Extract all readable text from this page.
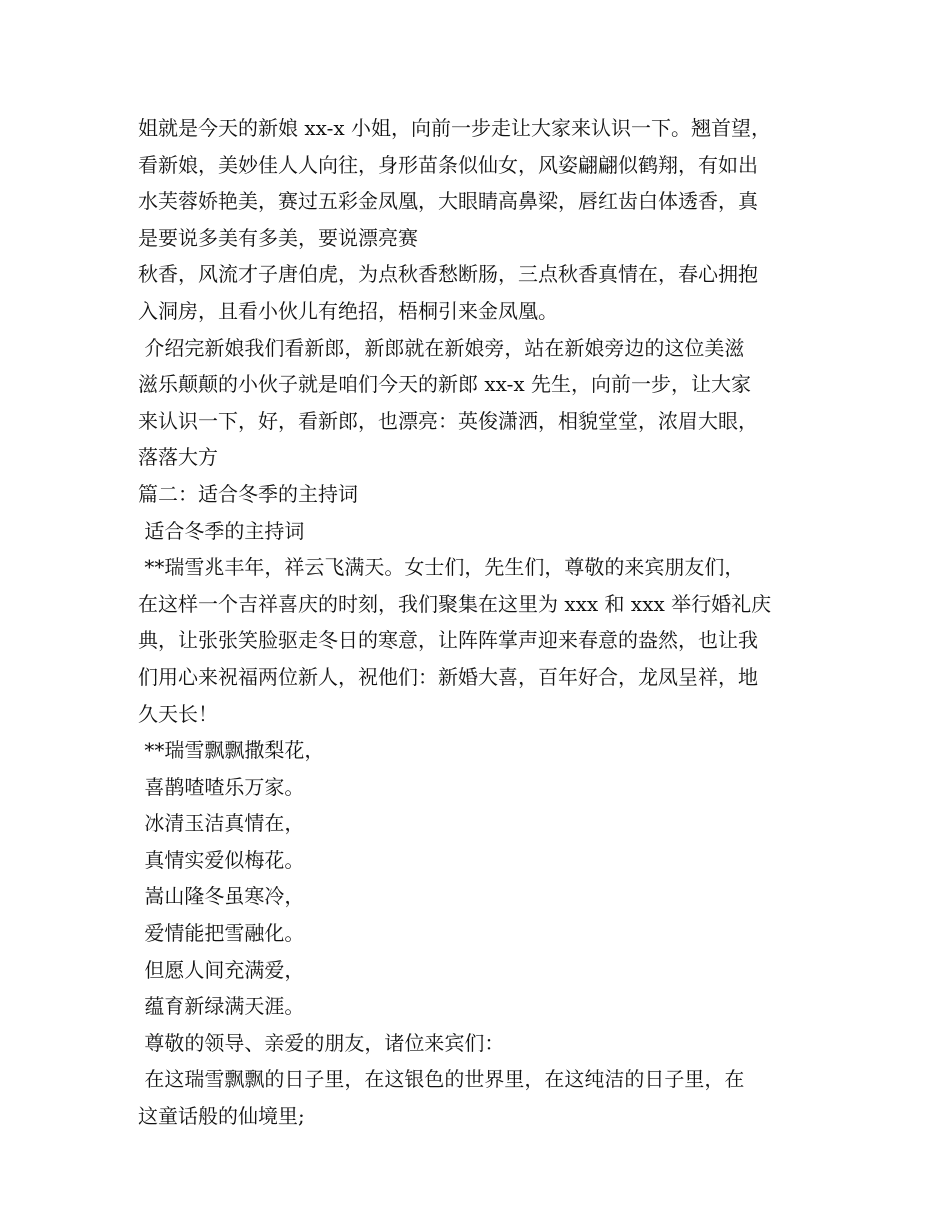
姐就是今天的新娘 xx-x 小姐，向前一步走让大家来认识一下。翘首望，
看新娘，美妙佳人人向往，身形苗条似仙女，风姿翩翩似鹤翔，有如出
水芙蓉娇艳美，赛过五彩金凤凰，大眼睛高鼻梁，唇红齿白体透香，真
是要说多美有多美，要说漂亮赛
秋香，风流才子唐伯虎，为点秋香愁断肠，三点秋香真情在，春心拥抱
入洞房，且看小伙儿有绝招，梧桐引来金凤凰。
介绍完新娘我们看新郎，新郎就在新娘旁，站在新娘旁边的这位美滋
滋乐颠颠的小伙子就是咱们今天的新郎 xx-x 先生，向前一步，让大家
来认识一下，好，看新郎，也漂亮：英俊潇洒，相貌堂堂，浓眉大眼，
落落大方
篇二：适合冬季的主持词
适合冬季的主持词
**瑞雪兆丰年，祥云飞满天。女士们，先生们，尊敬的来宾朋友们，
在这样一个吉祥喜庆的时刻，我们聚集在这里为 xxx 和 xxx 举行婚礼庆
典，让张张笑脸驱走冬日的寒意，让阵阵掌声迎来春意的盎然，也让我
们用心来祝福两位新人，祝他们：新婚大喜，百年好合，龙凤呈祥，地
久天长！
**瑞雪飘飘撒梨花，
喜鹊喳喳乐万家。
冰清玉洁真情在，
真情实爱似梅花。
嵩山隆冬虽寒冷，
爱情能把雪融化。
但愿人间充满爱，
蕴育新绿满天涯。
尊敬的领导、亲爱的朋友，诸位来宾们：
在这瑞雪飘飘的日子里，在这银色的世界里，在这纯洁的日子里，在
这童话般的仙境里;
